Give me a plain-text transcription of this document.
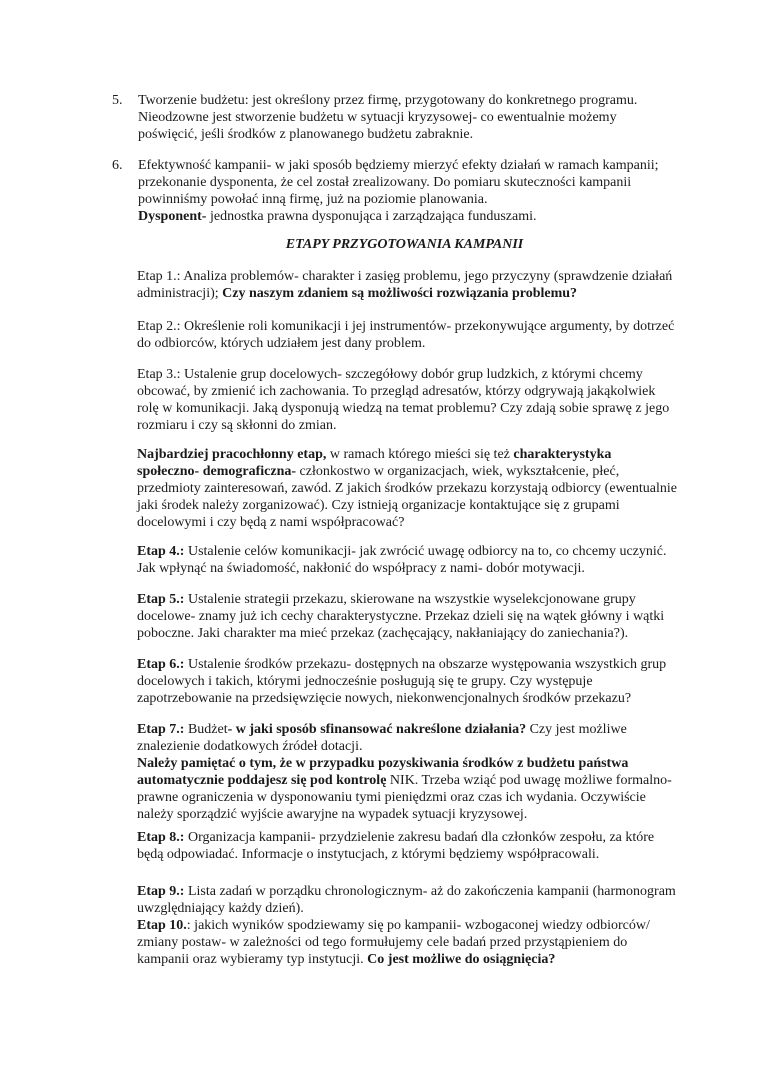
5. Tworzenie budżetu: jest określony przez firmę, przygotowany do konkretnego programu. Nieodzowne jest stworzenie budżetu w sytuacji kryzysowej- co ewentualnie możemy poświęcić, jeśli środków z planowanego budżetu zabraknie.
6. Efektywność kampanii- w jaki sposób będziemy mierzyć efekty działań w ramach kampanii; przekonanie dysponenta, że cel został zrealizowany. Do pomiaru skuteczności kampanii powinniśmy powołać inną firmę, już na poziomie planowania.
Dysponent- jednostka prawna dysponująca i zarządzająca funduszami.
ETAPY PRZYGOTOWANIA KAMPANII
Etap 1.: Analiza problemów- charakter i zasięg problemu, jego przyczyny (sprawdzenie działań administracji); Czy naszym zdaniem są możliwości rozwiązania problemu?
Etap 2.: Określenie roli komunikacji i jej instrumentów- przekonywujące argumenty, by dotrzeć do odbiorców, których udziałem jest dany problem.
Etap 3.: Ustalenie grup docelowych- szczegółowy dobór grup ludzkich, z którymi chcemy obcować, by zmienić ich zachowania. To przegląd adresatów, którzy odgrywają jakąkolwiek rolę w komunikacji. Jaką dysponują wiedzą na temat problemu? Czy zdają sobie sprawę z jego rozmiaru i czy są skłonni do zmian.
Najbardziej pracochłonny etap, w ramach którego mieści się też charakterystyka społeczno- demograficzna- członkostwo w organizacjach, wiek, wykształcenie, płeć, przedmioty zainteresowań, zawód. Z jakich środków przekazu korzystają odbiorcy (ewentualnie jaki środek należy zorganizować). Czy istnieją organizacje kontaktujące się z grupami docelowymi i czy będą z nami współpracować?
Etap 4.: Ustalenie celów komunikacji- jak zwrócić uwagę odbiorcy na to, co chcemy uczynić. Jak wpłynąć na świadomość, nakłonić do współpracy z nami- dobór motywacji.
Etap 5.: Ustalenie strategii przekazu, skierowane na wszystkie wyselekcjonowane grupy docelowe- znamy już ich cechy charakterystyczne. Przekaz dzieli się na wątek główny i wątki poboczne. Jaki charakter ma mieć przekaz (zachęcający, nakłaniający do zaniechania?).
Etap 6.: Ustalenie środków przekazu- dostępnych na obszarze występowania wszystkich grup docelowych i takich, którymi jednocześnie posługują się te grupy. Czy występuje zapotrzebowanie na przedsięwzięcie nowych, niekonwencjonalnych środków przekazu?
Etap 7.: Budżet- w jaki sposób sfinansować nakreślone działania? Czy jest możliwe znalezienie dodatkowych źródeł dotacji.
Należy pamiętać o tym, że w przypadku pozyskiwania środków z budżetu państwa automatycznie poddajesz się pod kontrolę NIK. Trzeba wziąć pod uwagę możliwe formalno- prawne ograniczenia w dysponowaniu tymi pieniędzmi oraz czas ich wydania. Oczywiście należy sporządzić wyjście awaryjne na wypadek sytuacji kryzysowej.
Etap 8.: Organizacja kampanii- przydzielenie zakresu badań dla członków zespołu, za które będą odpowiadać. Informacje o instytucjach, z którymi będziemy współpracowali.
Etap 9.: Lista zadań w porządku chronologicznym- aż do zakończenia kampanii (harmonogram uwzględniający każdy dzień).
Etap 10.: jakich wyników spodziewamy się po kampanii- wzbogaconej wiedzy odbiorców/ zmiany postaw- w zależności od tego formułujemy cele badań przed przystąpieniem do kampanii oraz wybieramy typ instytucji. Co jest możliwe do osiągnięcia?
